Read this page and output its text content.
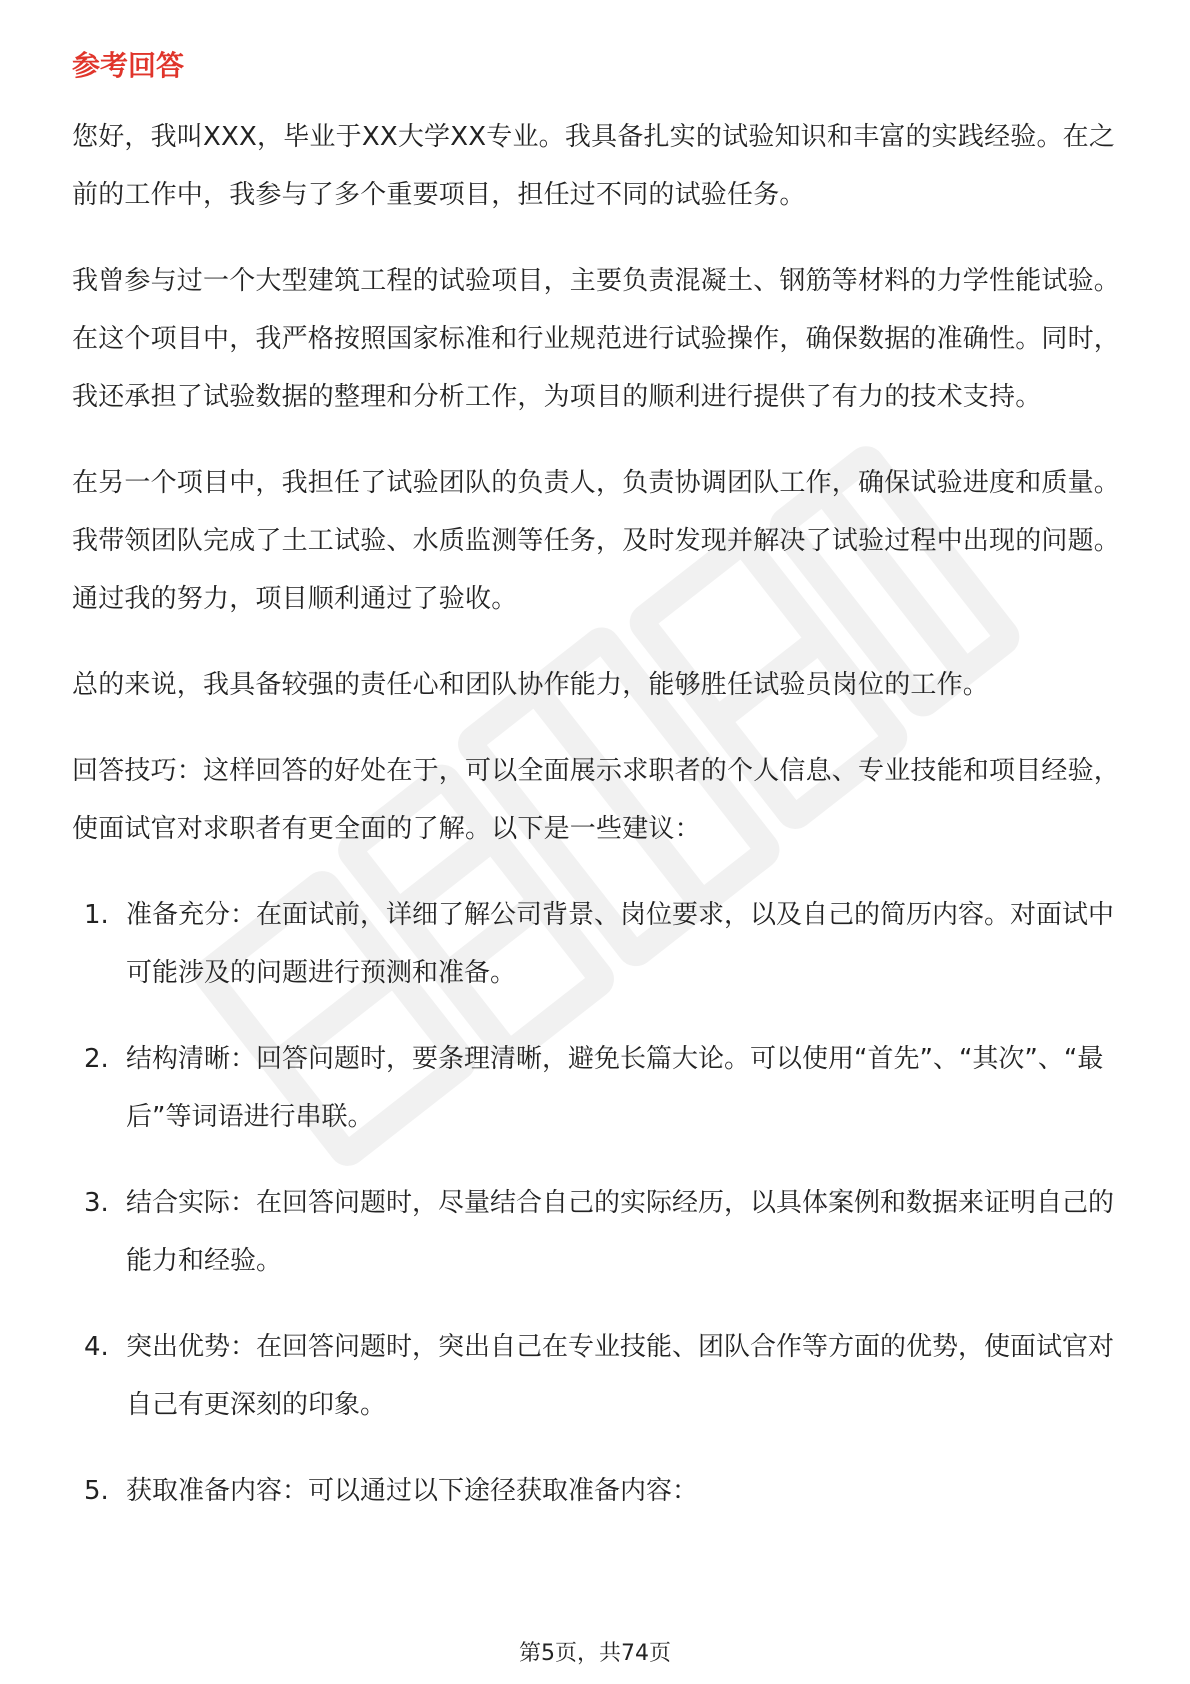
参考回答

您好，我叫XXX，毕业于XX大学XX专业。我具备扎实的试验知识和丰富的实践经验。在之前的工作中，我参与了多个重要项目，担任过不同的试验任务。

我曾参与过一个大型建筑工程的试验项目，主要负责混凝土、钢筋等材料的力学性能试验。在这个项目中，我严格按照国家标准和行业规范进行试验操作，确保数据的准确性。同时，我还承担了试验数据的整理和分析工作，为项目的顺利进行提供了有力的技术支持。

在另一个项目中，我担任了试验团队的负责人，负责协调团队工作，确保试验进度和质量。我带领团队完成了土工试验、水质监测等任务，及时发现并解决了试验过程中出现的问题。通过我的努力，项目顺利通过了验收。

总的来说，我具备较强的责任心和团队协作能力，能够胜任试验员岗位的工作。

回答技巧：这样回答的好处在于，可以全面展示求职者的个人信息、专业技能和项目经验，使面试官对求职者有更全面的了解。以下是一些建议：

1. 准备充分：在面试前，详细了解公司背景、岗位要求，以及自己的简历内容。对面试中可能涉及的问题进行预测和准备。
2. 结构清晰：回答问题时，要条理清晰，避免长篇大论。可以使用“首先”、“其次”、“最后”等词语进行串联。
3. 结合实际：在回答问题时，尽量结合自己的实际经历，以具体案例和数据来证明自己的能力和经验。
4. 突出优势：在回答问题时，突出自己在专业技能、团队合作等方面的优势，使面试官对自己有更深刻的印象。
5. 获取准备内容：可以通过以下途径获取准备内容：
第5页，共74页
